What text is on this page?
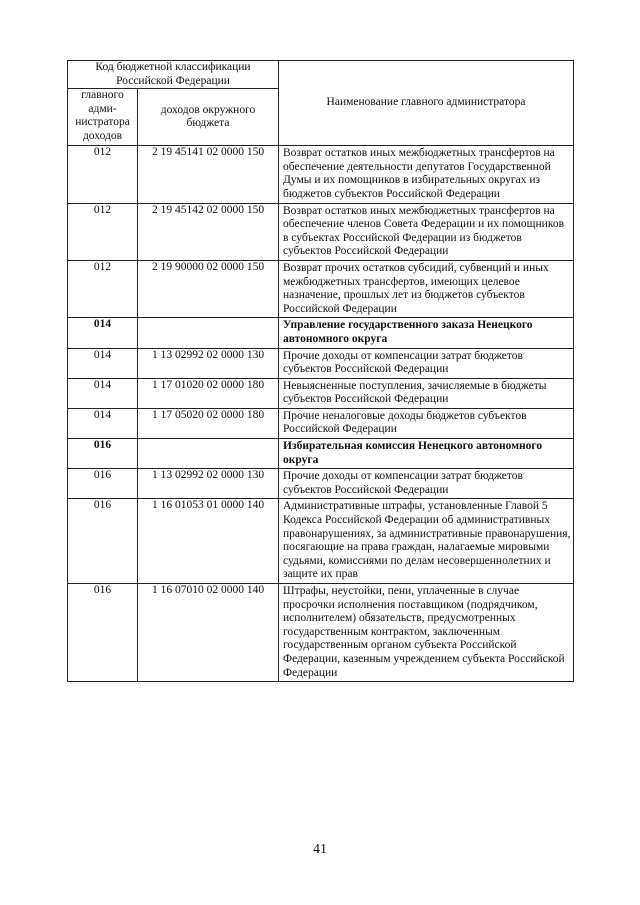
Код бюджетной классификации Российской Федерации		Наименование главного администратора
главного адми-нистратора доходов	доходов окружного бюджета	
012	2 19 45141 02 0000 150	Возврат остатков иных межбюджетных трансфертов на обеспечение деятельности депутатов Государственной Думы и их помощников в избирательных округах из бюджетов субъектов Российской Федерации
012	2 19 45142 02 0000 150	Возврат остатков иных межбюджетных трансфертов на обеспечение членов Совета Федерации и их помощников в субъектах Российской Федерации из бюджетов субъектов Российской Федерации
012	2 19 90000 02 0000 150	Возврат прочих остатков субсидий, субвенций и иных межбюджетных трансфертов, имеющих целевое назначение, прошлых лет из бюджетов субъектов Российской Федерации
014		Управление государственного заказа Ненецкого автономного округа
014	1 13 02992 02 0000 130	Прочие доходы от компенсации затрат бюджетов субъектов Российской Федерации
014	1 17 01020 02 0000 180	Невыясненные поступления, зачисляемые в бюджеты субъектов Российской Федерации
014	1 17 05020 02 0000 180	Прочие неналоговые доходы бюджетов субъектов Российской Федерации
016		Избирательная комиссия Ненецкого автономного округа
016	1 13 02992 02 0000 130	Прочие доходы от компенсации затрат бюджетов субъектов Российской Федерации
016	1 16 01053 01 0000 140	Административные штрафы, установленные Главой 5 Кодекса Российской Федерации об административных правонарушениях, за административные правонарушения, посягающие на права граждан, налагаемые мировыми судьями, комиссиями по делам несовершеннолетних и защите их прав
016	1 16 07010 02 0000 140	Штрафы, неустойки, пени, уплаченные в случае просрочки исполнения поставщиком (подрядчиком, исполнителем) обязательств, предусмотренных государственным контрактом, заключенным государственным органом субъекта Российской Федерации, казенным учреждением субъекта Российской Федерации
41
